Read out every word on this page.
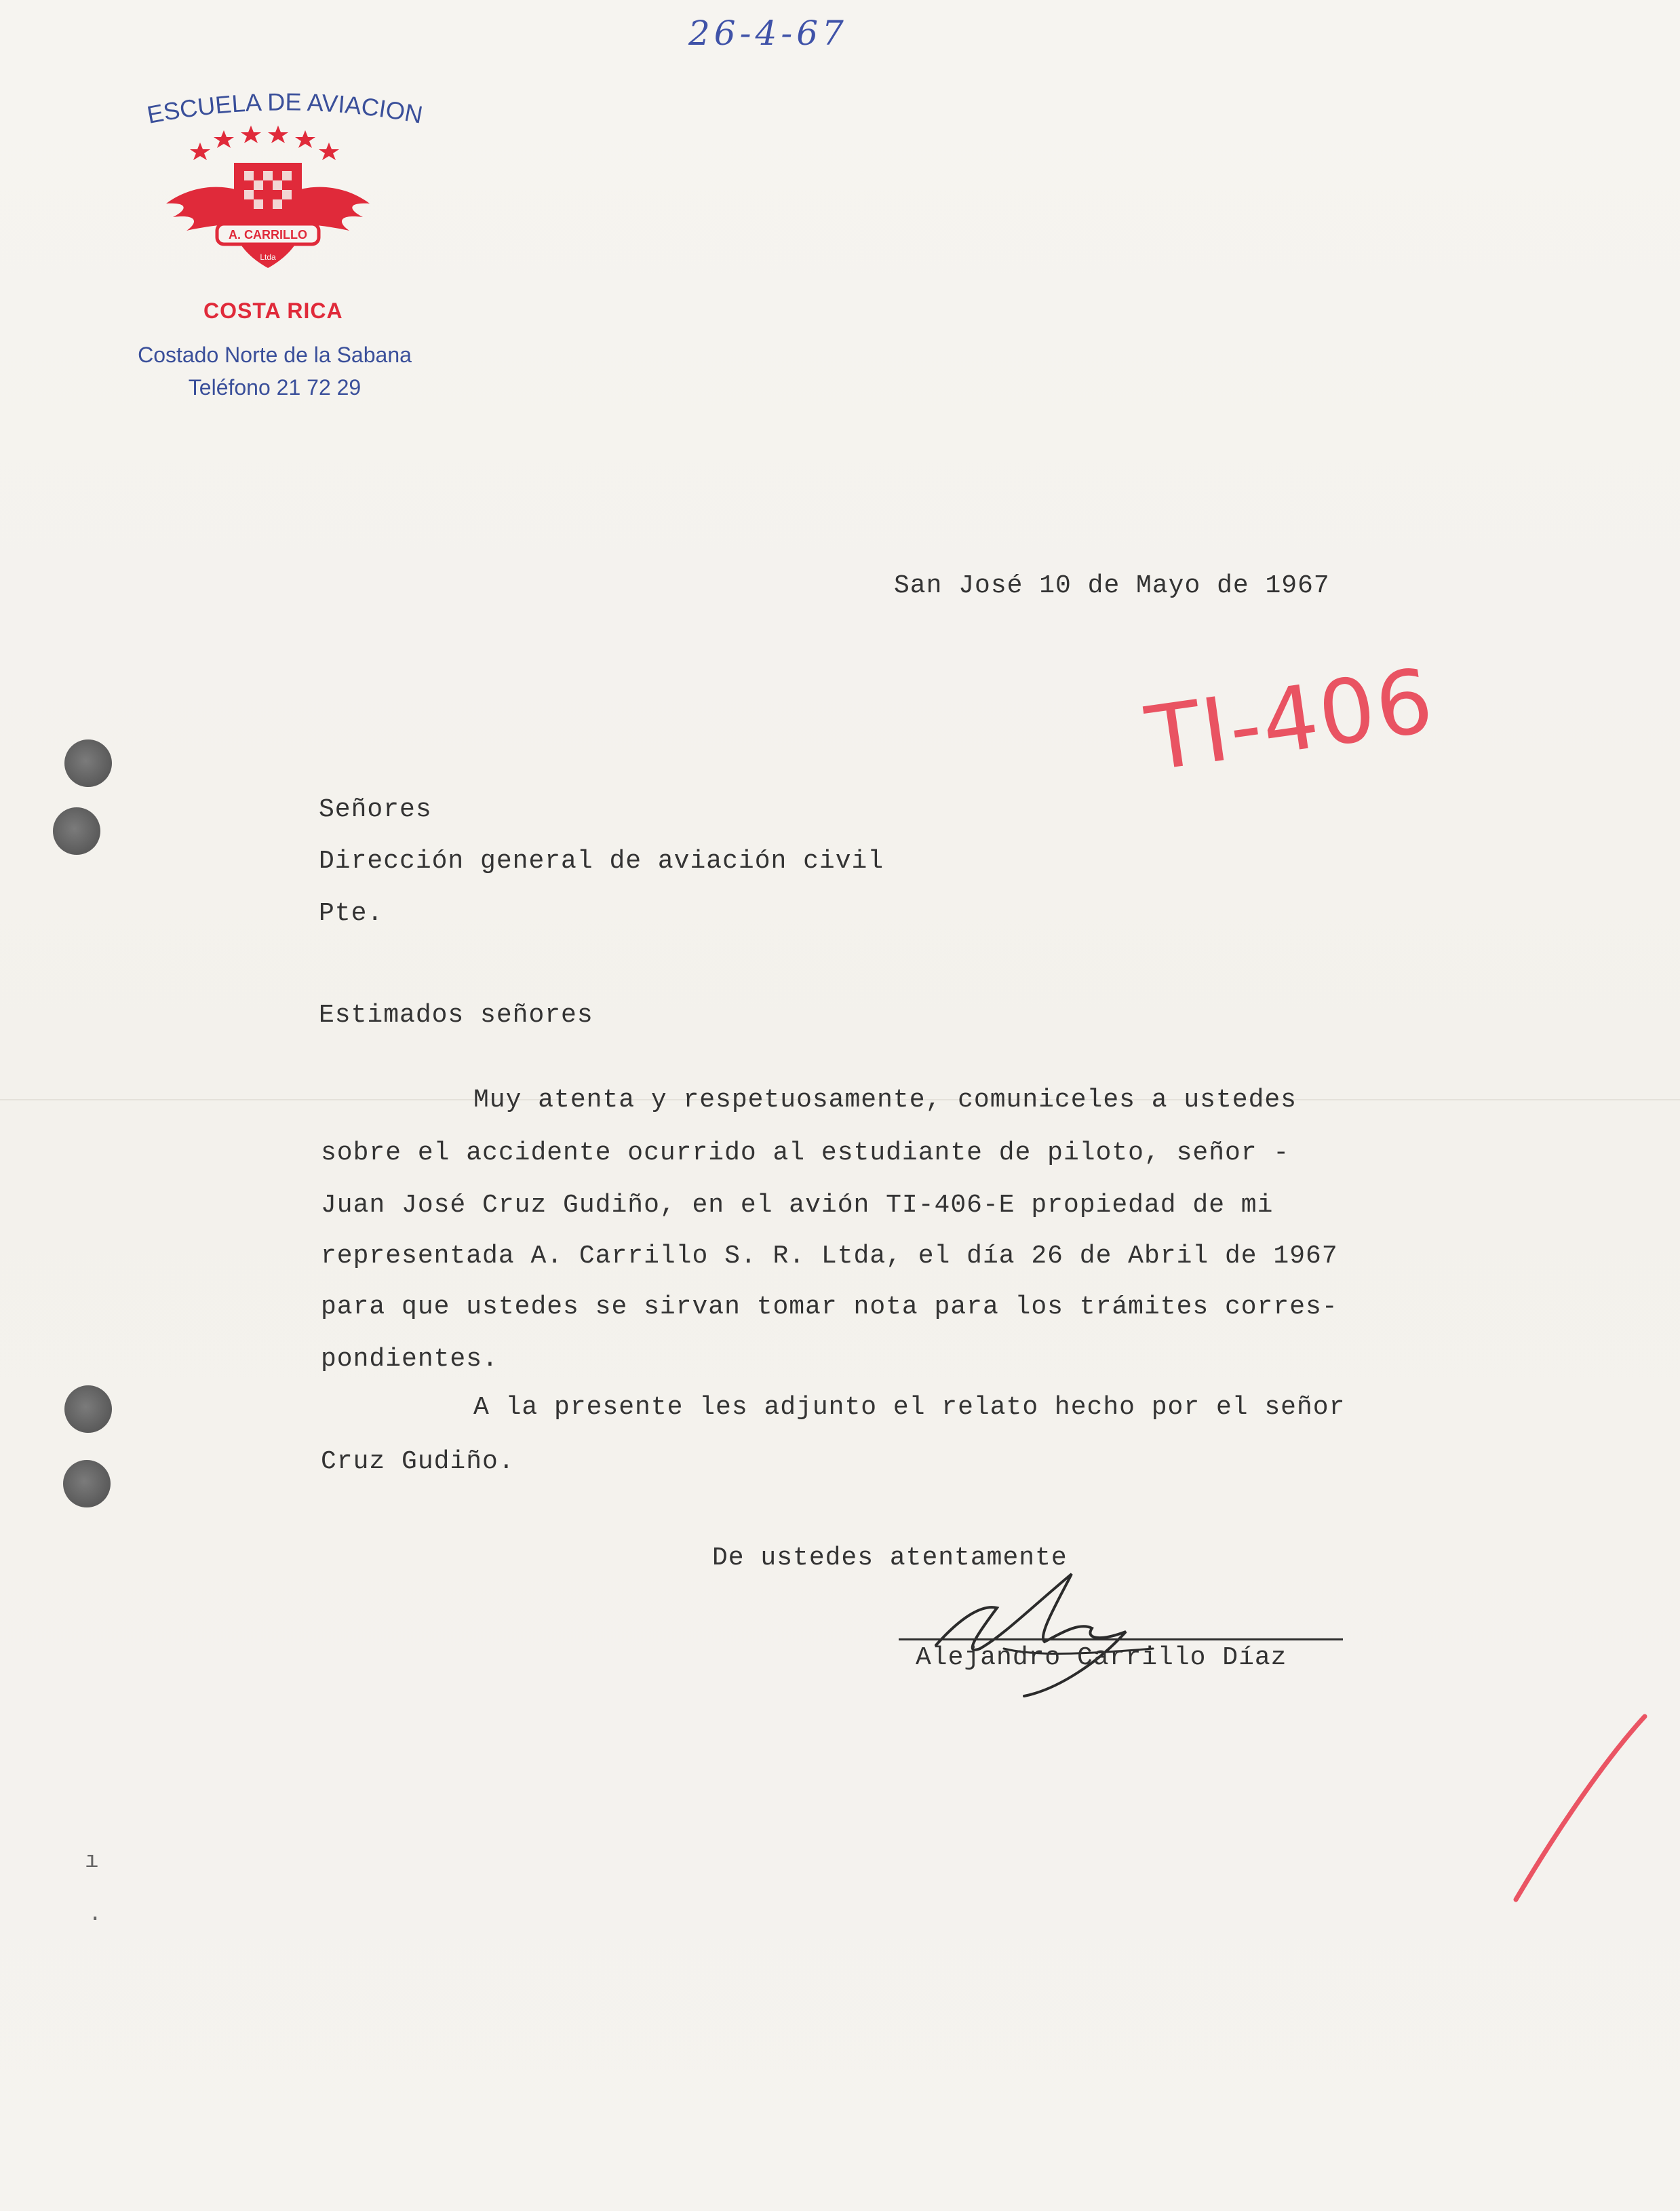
26-4-67
ESCUELA DE AVIACION
A. CARRILLO
Ltda
COSTA RICA
Costado Norte de la Sabana
Teléfono 21 72 29
TI-406
San José 10 de Mayo de 1967
Señores
Dirección general de aviación civil
Pte.
Estimados señores
Muy atenta y respetuosamente, comuniceles a ustedes
sobre el accidente ocurrido al estudiante de piloto, señor -
Juan José Cruz Gudiño, en el avión TI-406-E propiedad de mi
representada A. Carrillo S. R. Ltda, el día 26 de Abril de 1967
para que ustedes se sirvan tomar nota para los trámites corres-
pondientes.
A la presente les adjunto el relato hecho por el señor
Cruz Gudiño.
De ustedes atentamente
Alejandro Carrillo Díaz
ı
·
